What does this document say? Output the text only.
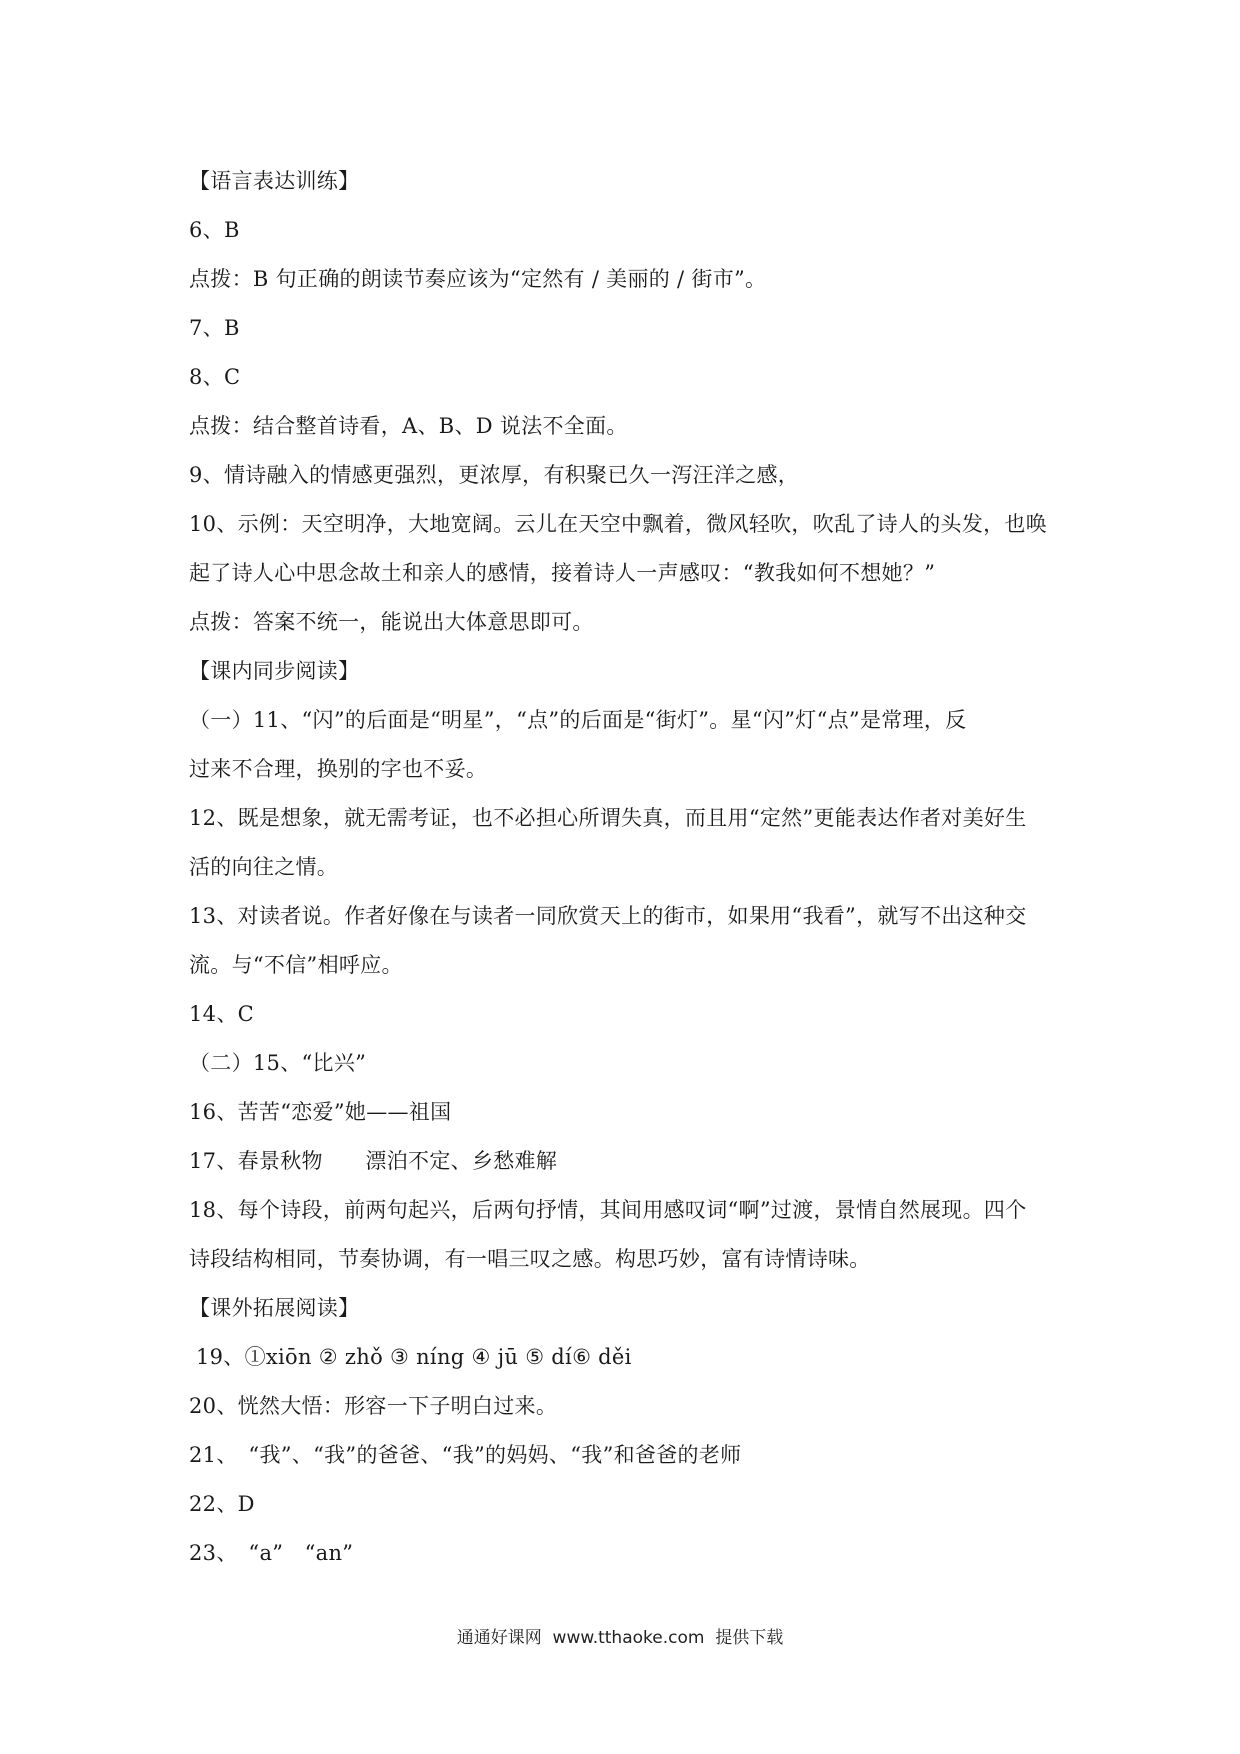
【语言表达训练】
6、B
点拨：B 句正确的朗读节奏应该为“定然有 / 美丽的 / 街市”。
7、B
8、C
点拨：结合整首诗看，A、B、D 说法不全面。
9、情诗融入的情感更强烈，更浓厚，有积聚已久一泻汪洋之感，
10、示例：天空明净，大地宽阔。云儿在天空中飘着，微风轻吹，吹乱了诗人的头发，也唤
起了诗人心中思念故土和亲人的感情，接着诗人一声感叹：“教我如何不想她？”
点拨：答案不统一，能说出大体意思即可。
【课内同步阅读】
（一）11、“闪”的后面是“明星”，“点”的后面是“街灯”。星“闪”灯“点”是常理，反
过来不合理，换别的字也不妥。
12、既是想象，就无需考证，也不必担心所谓失真，而且用“定然”更能表达作者对美好生
活的向往之情。
13、对读者说。作者好像在与读者一同欣赏天上的街市，如果用“我看”，就写不出这种交
流。与“不信”相呼应。
14、C
（二）15、“比兴”
16、苦苦“恋爱”她——祖国
17、春景秋物　　漂泊不定、乡愁难解
18、每个诗段，前两句起兴，后两句抒情，其间用感叹词“啊”过渡，景情自然展现。四个
诗段结构相同，节奏协调，有一唱三叹之感。构思巧妙，富有诗情诗味。
【课外拓展阅读】
19、①xiōn ② zhǒ ③ níng ④ jū ⑤ dí⑥ děi
20、恍然大悟：形容一下子明白过来。
21、　“我”、“我”的爸爸、“我”的妈妈、“我”和爸爸的老师
22、D
23、　“a”　“an”
通通好课网  www.tthaoke.com  提供下载
